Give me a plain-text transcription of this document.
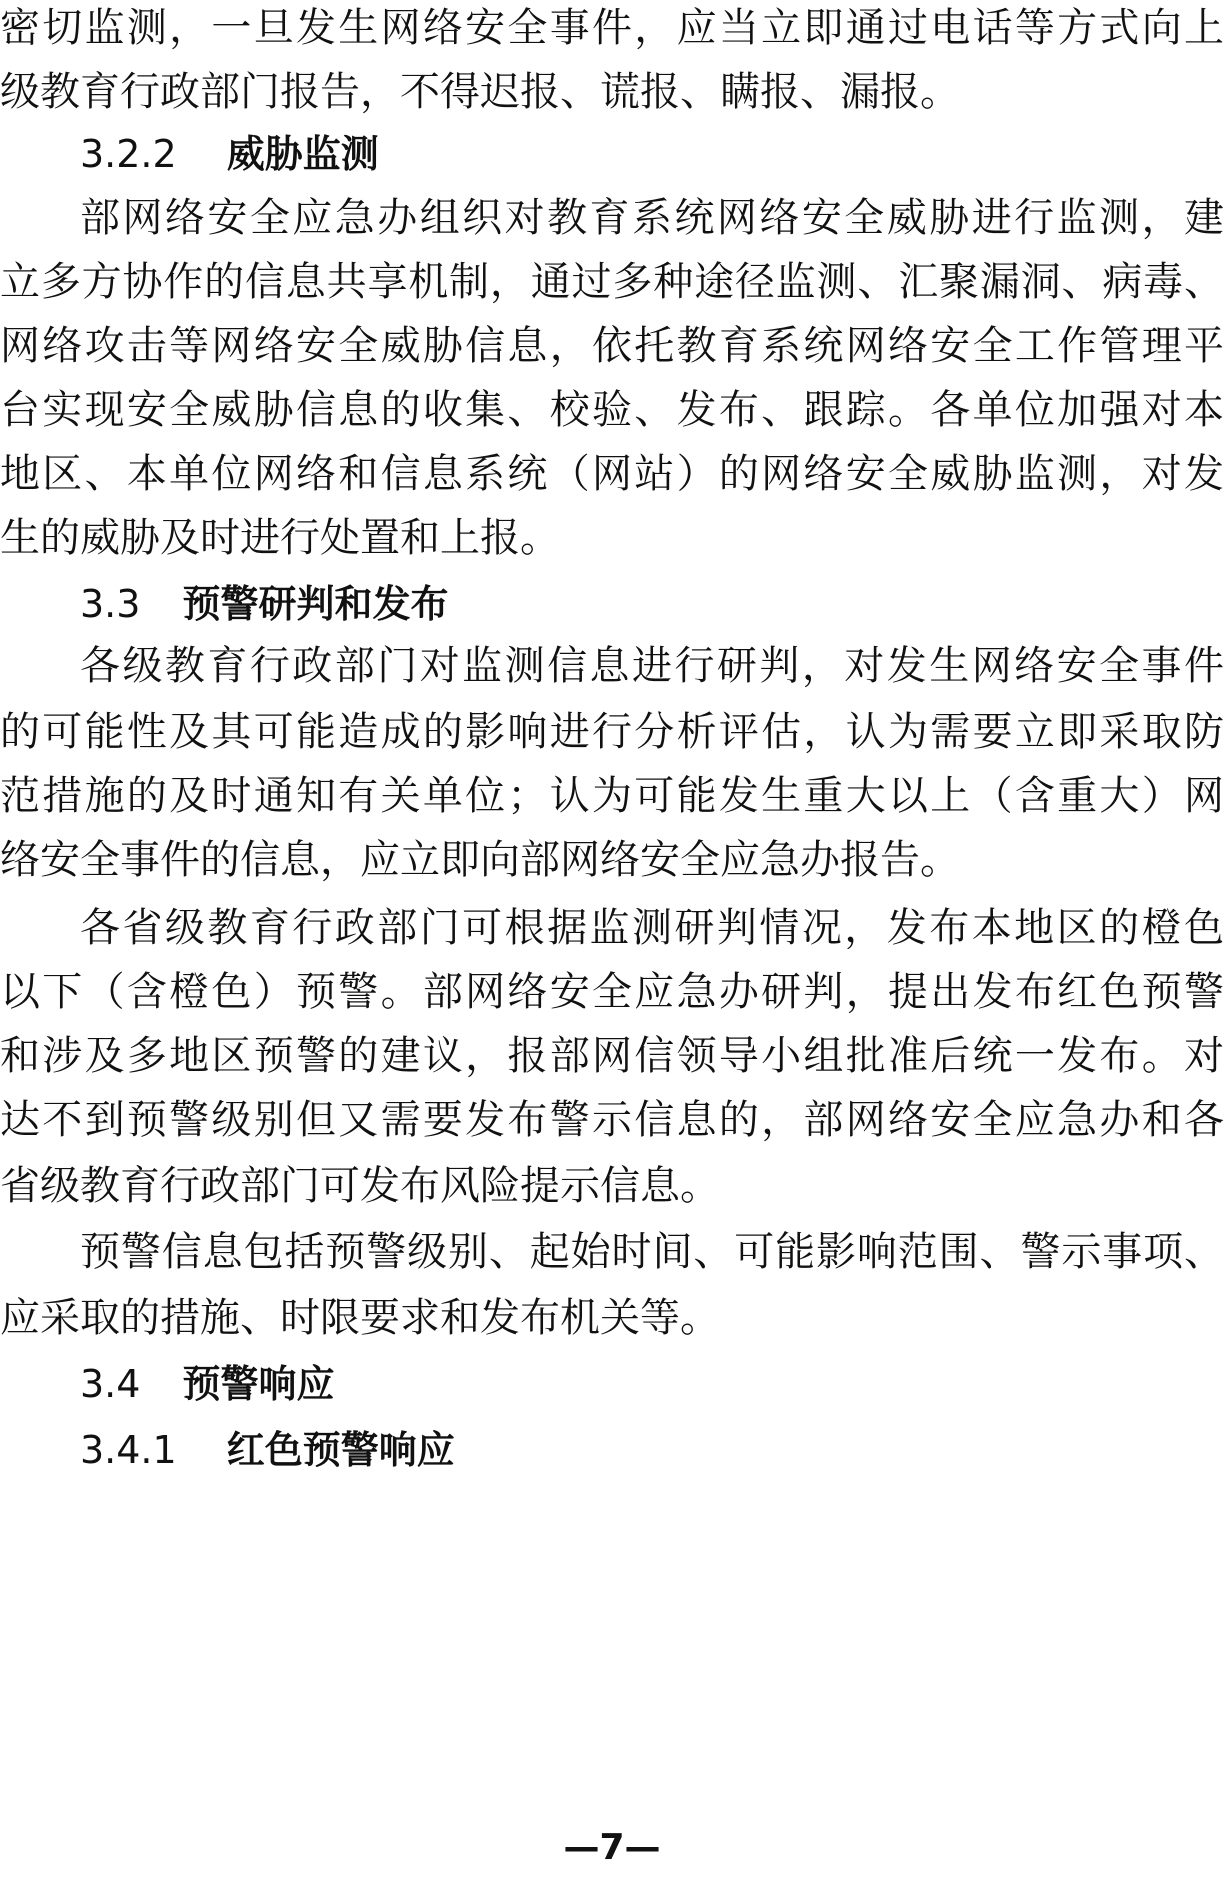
密切监测，一旦发生网络安全事件，应当立即通过电话等方式向上
级教育行政部门报告，不得迟报、谎报、瞒报、漏报。
3.2.2 威胁监测
部网络安全应急办组织对教育系统网络安全威胁进行监测，建
立多方协作的信息共享机制，通过多种途径监测、汇聚漏洞、病毒、
网络攻击等网络安全威胁信息，依托教育系统网络安全工作管理平
台实现安全威胁信息的收集、校验、发布、跟踪。各单位加强对本
地区、本单位网络和信息系统（网站）的网络安全威胁监测，对发
生的威胁及时进行处置和上报。
3.3 预警研判和发布
各级教育行政部门对监测信息进行研判，对发生网络安全事件
的可能性及其可能造成的影响进行分析评估，认为需要立即采取防
范措施的及时通知有关单位；认为可能发生重大以上（含重大）网
络安全事件的信息，应立即向部网络安全应急办报告。
各省级教育行政部门可根据监测研判情况，发布本地区的橙色
以下（含橙色）预警。部网络安全应急办研判，提出发布红色预警
和涉及多地区预警的建议，报部网信领导小组批准后统一发布。对
达不到预警级别但又需要发布警示信息的，部网络安全应急办和各
省级教育行政部门可发布风险提示信息。
预警信息包括预警级别、起始时间、可能影响范围、警示事项、
应采取的措施、时限要求和发布机关等。
3.4 预警响应
3.4.1 红色预警响应
—7—
